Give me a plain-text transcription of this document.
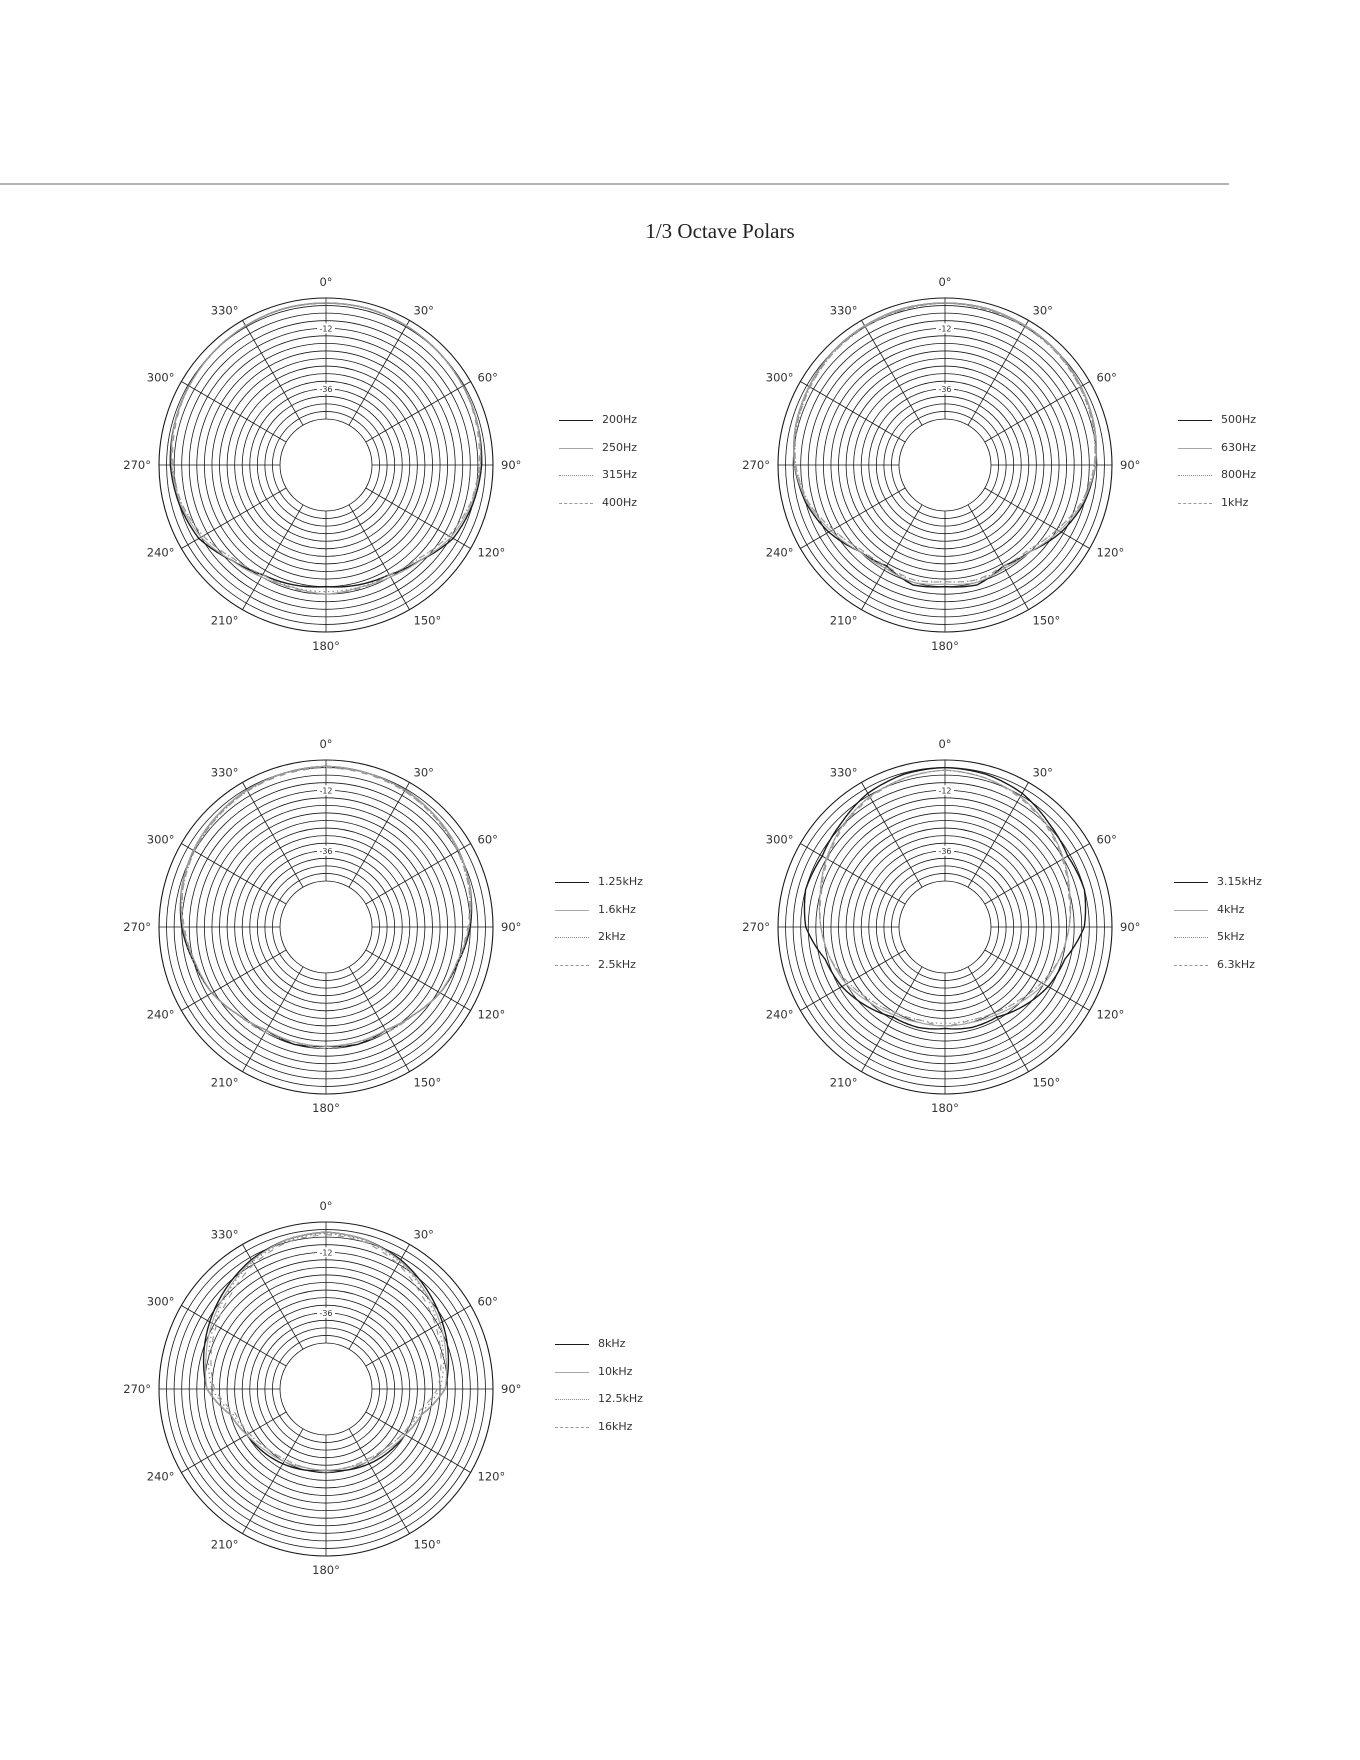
1/3 Octave Polars
-12
-36
0°
30°
60°
90°
120°
150°
180°
210°
240°
270°
300°
330°
200Hz
250Hz
315Hz
400Hz
-12
-36
0°
30°
60°
90°
120°
150°
180°
210°
240°
270°
300°
330°
500Hz
630Hz
800Hz
1kHz
-12
-36
0°
30°
60°
90°
120°
150°
180°
210°
240°
270°
300°
330°
1.25kHz
1.6kHz
2kHz
2.5kHz
-12
-36
0°
30°
60°
90°
120°
150°
180°
210°
240°
270°
300°
330°
3.15kHz
4kHz
5kHz
6.3kHz
-12
-36
0°
30°
60°
90°
120°
150°
180°
210°
240°
270°
300°
330°
8kHz
10kHz
12.5kHz
16kHz
